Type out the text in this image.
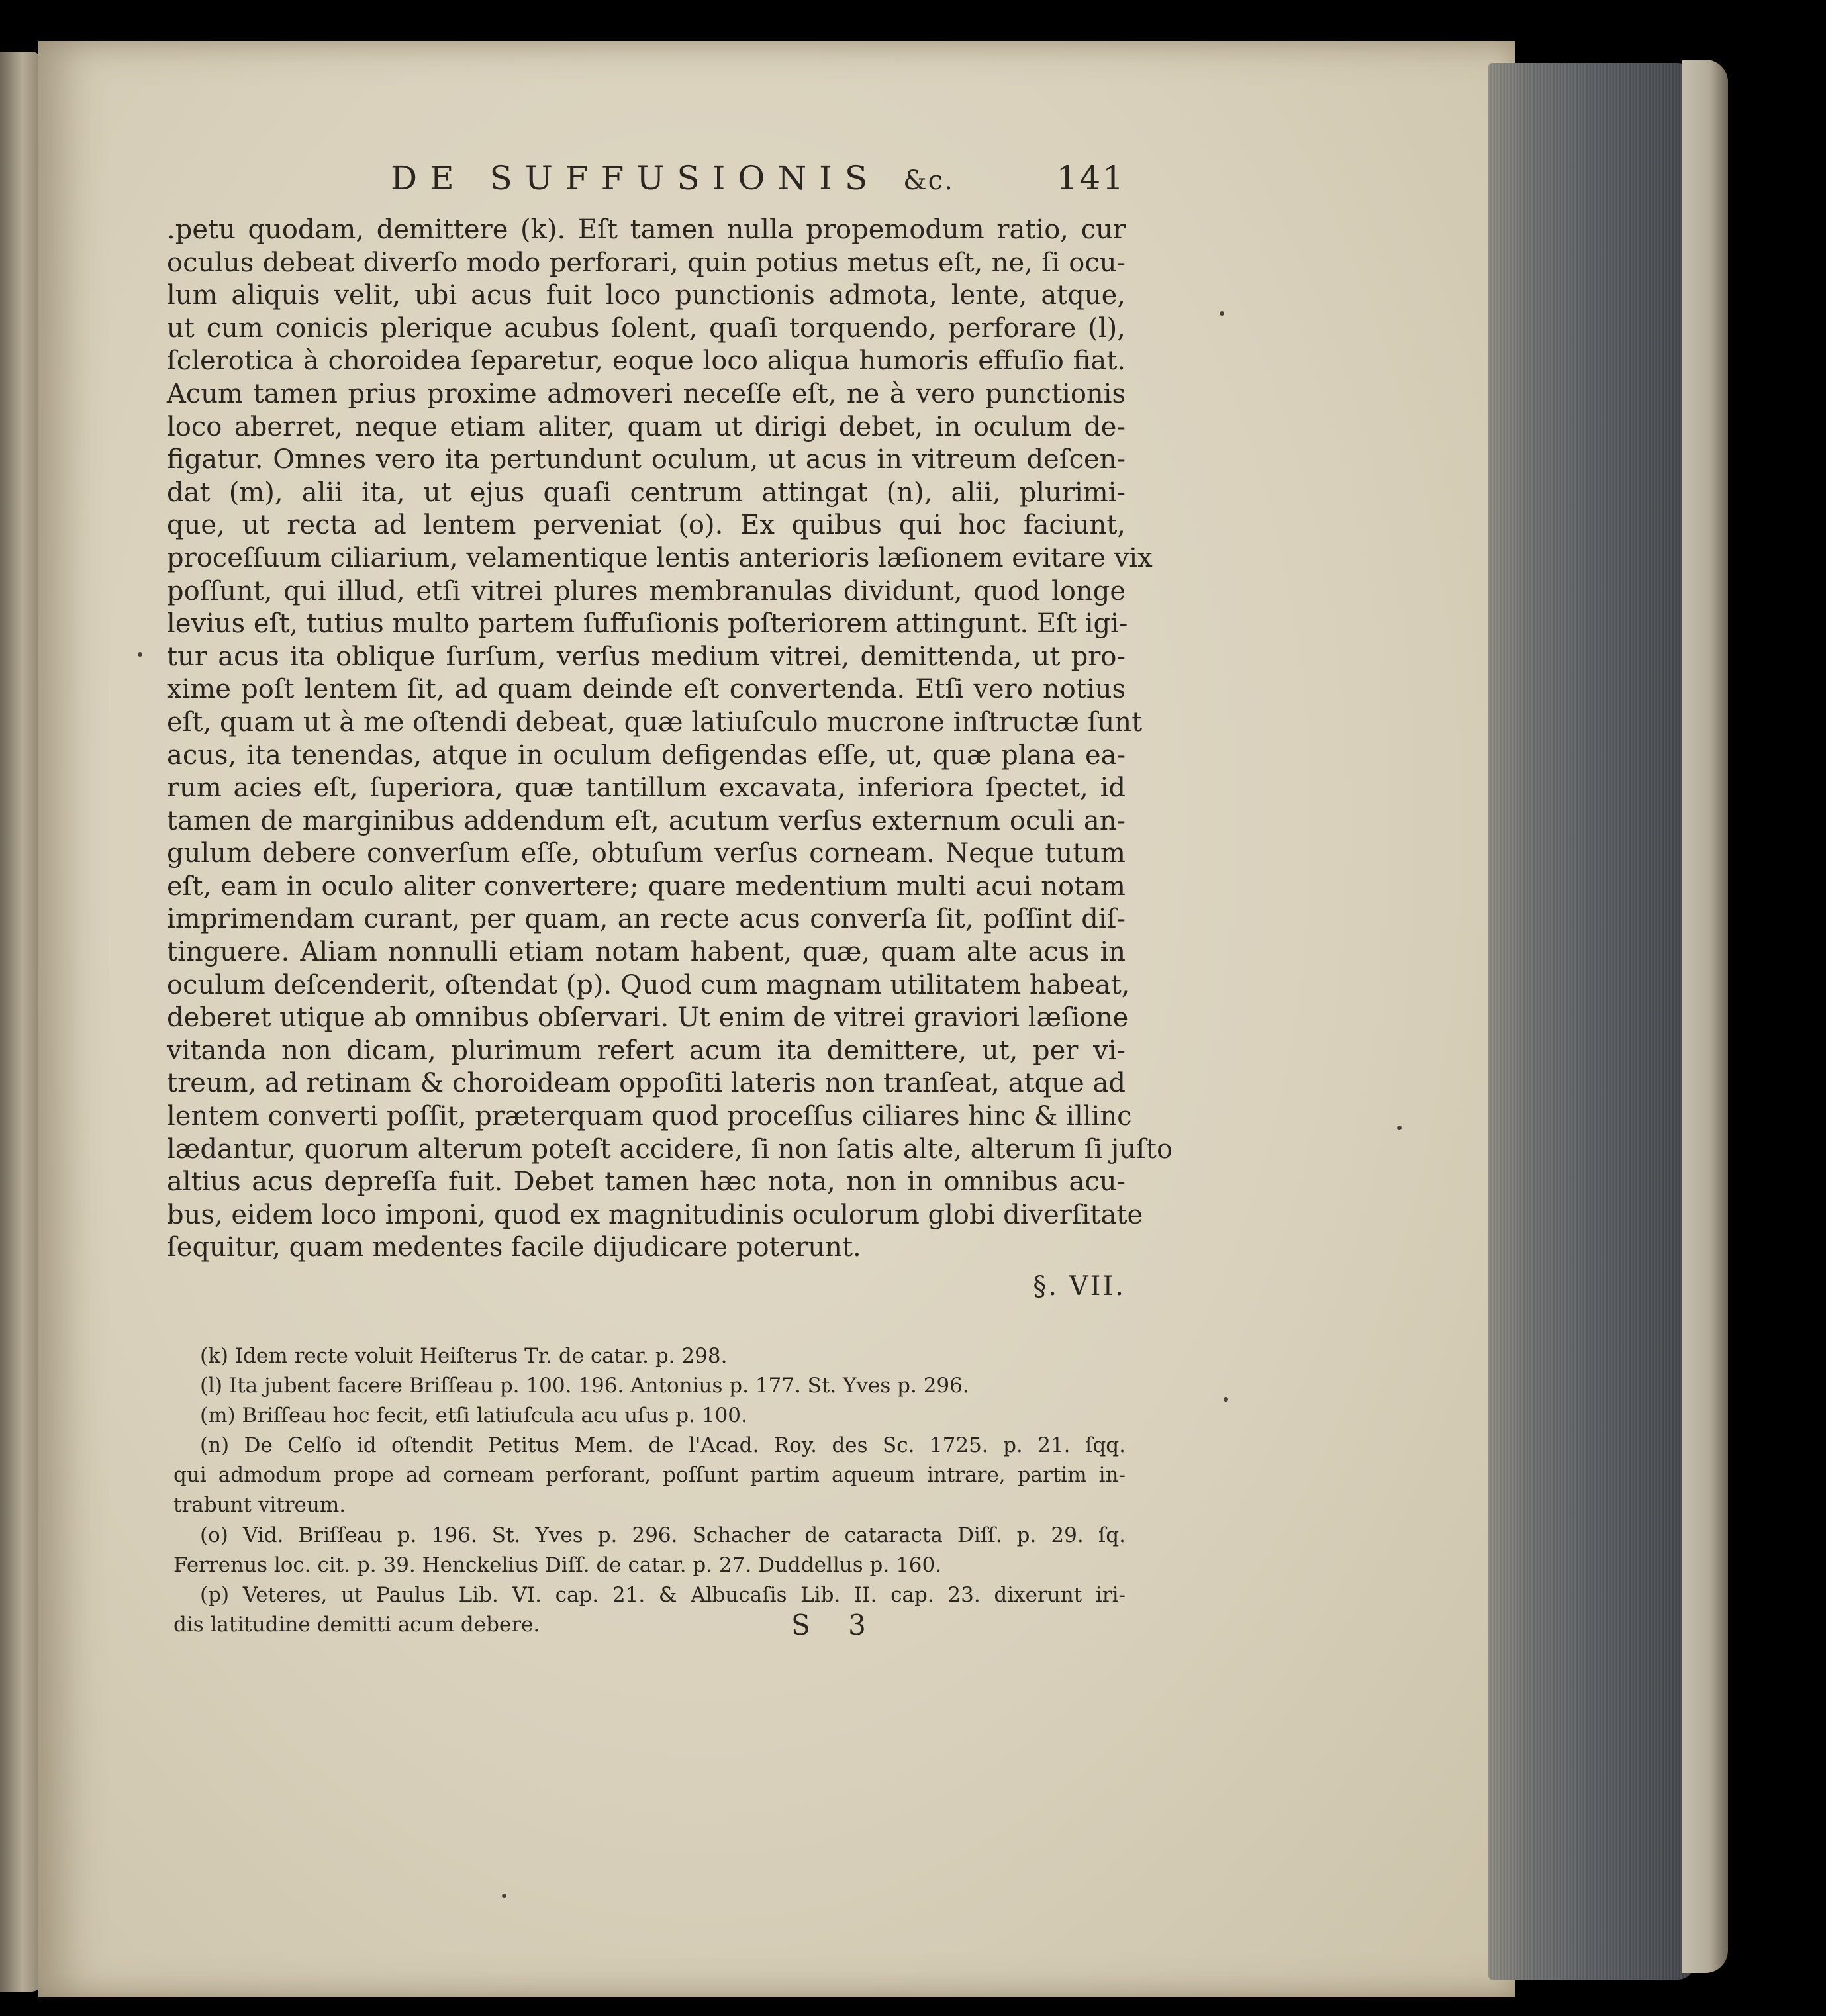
DE SUFFUSIONIS &c.	141
.petu quodam, demittere (k). Eſt tamen nulla propemodum ratio, cur
oculus debeat diverſo modo perforari, quin potius metus eſt, ne, ſi ocu-
lum aliquis velit, ubi acus fuit loco punctionis admota, lente, atque,
ut cum conicis plerique acubus ſolent, quaſi torquendo, perforare (l),
ſclerotica à choroidea ſeparetur, eoque loco aliqua humoris effuſio fiat.
Acum tamen prius proxime admoveri neceſſe eſt, ne à vero punctionis
loco aberret, neque etiam aliter, quam ut dirigi debet, in oculum de-
figatur. Omnes vero ita pertundunt oculum, ut acus in vitreum deſcen-
dat (m), alii ita, ut ejus quaſi centrum attingat (n), alii, plurimi-
que, ut recta ad lentem perveniat (o). Ex quibus qui hoc faciunt,
proceſſuum ciliarium, velamentique lentis anterioris læſionem evitare vix
poſſunt, qui illud, etſi vitrei plures membranulas dividunt, quod longe
levius eſt, tutius multo partem ſuffuſionis poſteriorem attingunt. Eſt igi-
tur acus ita oblique ſurſum, verſus medium vitrei, demittenda, ut pro-
xime poſt lentem ſit, ad quam deinde eſt convertenda. Etſi vero notius
eſt, quam ut à me oſtendi debeat, quæ latiuſculo mucrone inſtructæ ſunt
acus, ita tenendas, atque in oculum defigendas eſſe, ut, quæ plana ea-
rum acies eſt, ſuperiora, quæ tantillum excavata, inferiora ſpectet, id
tamen de marginibus addendum eſt, acutum verſus externum oculi an-
gulum debere converſum eſſe, obtuſum verſus corneam. Neque tutum
eſt, eam in oculo aliter convertere; quare medentium multi acui notam
imprimendam curant, per quam, an recte acus converſa ſit, poſſint diſ-
tinguere. Aliam nonnulli etiam notam habent, quæ, quam alte acus in
oculum deſcenderit, oſtendat (p). Quod cum magnam utilitatem habeat,
deberet utique ab omnibus obſervari. Ut enim de vitrei graviori læſione
vitanda non dicam, plurimum refert acum ita demittere, ut, per vi-
treum, ad retinam & choroideam oppoſiti lateris non tranſeat, atque ad
lentem converti poſſit, præterquam quod proceſſus ciliares hinc & illinc
lædantur, quorum alterum poteſt accidere, ſi non ſatis alte, alterum ſi juſto
altius acus depreſſa fuit. Debet tamen hæc nota, non in omnibus acu-
bus, eidem loco imponi, quod ex magnitudinis oculorum globi diverſitate
ſequitur, quam medentes facile dijudicare poterunt.
§. VII.
(k) Idem recte voluit Heiſterus Tr. de catar. p. 298.
(l) Ita jubent facere Briſſeau p. 100. 196. Antonius p. 177. St. Yves p. 296.
(m) Briſſeau hoc fecit, etſi latiuſcula acu uſus p. 100.
(n) De Celſo id oſtendit Petitus Mem. de l'Acad. Roy. des Sc. 1725. p. 21. ſqq.
qui admodum prope ad corneam perforant, poſſunt partim aqueum intrare, partim in-
trabunt vitreum.
(o) Vid. Briſſeau p. 196. St. Yves p. 296. Schacher de cataracta Diſſ. p. 29. ſq.
Ferrenus loc. cit. p. 39. Henckelius Diſſ. de catar. p. 27. Duddellus p. 160.
(p) Veteres, ut Paulus Lib. VI. cap. 21. & Albucaſis Lib. II. cap. 23. dixerunt iri-
dis latitudine demitti acum debere.	S 3
